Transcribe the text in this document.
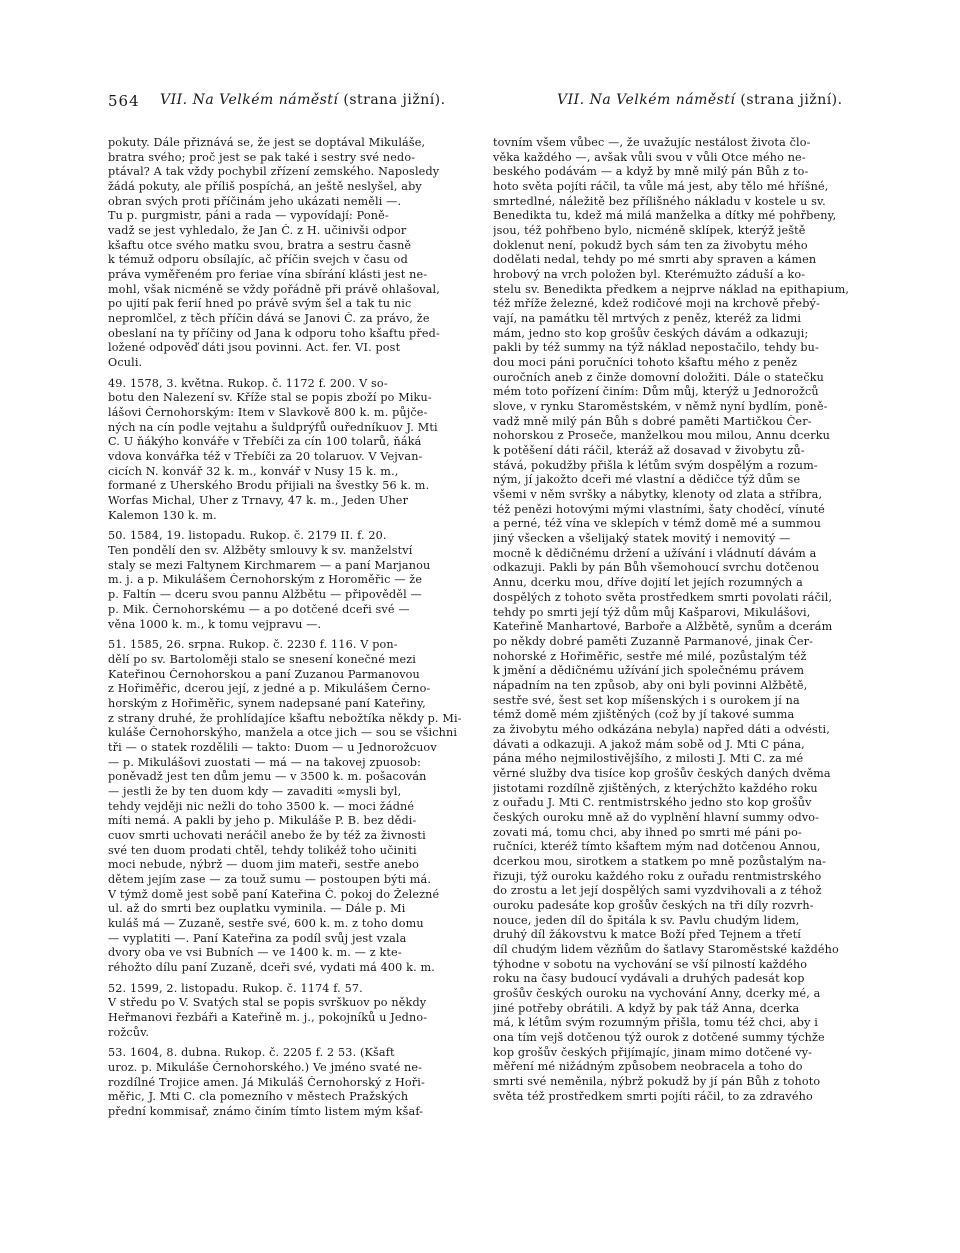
564 VII. Na Velkém náměstí (strana jižní).	VII. Na Velkém náměstí (strana jižní).
pokuty. Dále přiznává se, že jest se doptával Mikuláše,
bratra svého; proč jest se pak také i sestry své nedo-
ptával? A tak vždy pochybil zřízení zemského. Naposledy
žádá pokuty, ale příliš pospíchá, an ještě neslyšel, aby
obran svých proti příčinám jeho ukázati neměli —.
Tu p. purgmistr, páni a rada — vypovídají: Poně-
vadž se jest vyhledalo, že Jan Č. z H. učinivši odpor
kšaftu otce svého matku svou, bratra a sestru časně
k témuž odporu obsílajíc, ač příčin svejch v času od
práva vyměřeném pro feriae vína sbírání klásti jest ne-
mohl, však nicméně se vždy pořádně při právě ohlašoval,
po ujití pak ferií hned po právě svým šel a tak tu nic
nepromlčel, z těch příčin dává se Janovi Č. za právo, že
obeslaní na ty příčiny od Jana k odporu toho kšaftu před-
ložené odpověď dáti jsou povinni. Act. fer. VI. post
Oculi.
49. 1578, 3. května. Rukop. č. 1172 f. 200. V so-
botu den Nalezení sv. Kříže stal se popis zboží po Miku-
lášovi Černohorským: Item v Slavkově 800 k. m. půjče-
ných na cín podle vejtahu a šuldprýfů ouředníkuov J. Mti
C. U ňákýho konváře v Třebíči za cín 100 tolarů, ňáká
vdova konvářka též v Třebíči za 20 tolaruov. V Vejvan-
cicích N. konvář 32 k. m., konvář v Nusy 15 k. m.,
formané z Uherského Brodu přijiali na švestky 56 k. m.
Worfas Michal, Uher z Trnavy, 47 k. m., Jeden Uher
Kalemon 130 k. m.
50. 1584, 19. listopadu. Rukop. č. 2179 II. f. 20.
Ten pondělí den sv. Alžběty smlouvy k sv. manželství
staly se mezi Faltynem Kirchmarem — a paní Marjanou
m. j. a p. Mikulášem Černohorským z Horoměřic — že
p. Faltín — dceru svou pannu Alžbětu — připověděl —
p. Mik. Černohorskému — a po dotčené dceři své —
věna 1000 k. m., k tomu vejpravu —.
51. 1585, 26. srpna. Rukop. č. 2230 f. 116. V pon-
dělí po sv. Bartoloměji stalo se snesení konečné mezi
Kateřinou Černohorskou a paní Zuzanou Parmanovou
z Hořiměřic, dcerou její, z jedné a p. Mikulášem Černo-
horským z Hořiměřic, synem nadepsané paní Kateřiny,
z strany druhé, že prohlídajíce kšaftu nebožtíka někdy p. Mi-
kuláše Černohorskýho, manžela a otce jich — sou se všichni
tři — o statek rozdělili — takto: Duom — u Jednorožcuov
— p. Mikulášovi zuostati — má — na takovej zpuosob:
poněvadž jest ten dům jemu — v 3500 k. m. pošacován
— jestli že by ten duom kdy — zavaditi ∞mysli byl,
tehdy vejději nic nežli do toho 3500 k. — moci žádné
míti nemá. A pakli by jeho p. Mikuláše P. B. bez dědi-
cuov smrti uchovati neráčil anebo že by též za živnosti
své ten duom prodati chtěl, tehdy tolikéž toho učiniti
moci nebude, nýbrž — duom jim mateři, sestře anebo
dětem jejím zase — za touž sumu — postoupen býti má.
V týmž domě jest sobě paní Kateřina Č. pokoj do Železné
ul. až do smrti bez ouplatku vyminila. — Dále p. Mi
kuláš má — Zuzaně, sestře své, 600 k. m. z toho domu
— vyplatiti —. Paní Kateřina za podíl svůj jest vzala
dvory oba ve vsi Bubních — ve 1400 k. m. — z kte-
réhožto dílu paní Zuzaně, dceři své, vydati má 400 k. m.
52. 1599, 2. listopadu. Rukop. č. 1174 f. 57.
V středu po V. Svatých stal se popis svrškuov po někdy
Heřmanovi řezbáři a Kateřině m. j., pokojníků u Jedno-
rožcův.
53. 1604, 8. dubna. Rukop. č. 2205 f. 2 53. (Kšaft
uroz. p. Mikuláše Černohorského.) Ve jméno svaté ne-
rozdílné Trojice amen. Já Mikuláš Černohorský z Hoři-
měřic, J. Mti C. cla pomezního v městech Pražských
přední kommisař, známo činím tímto listem mým kšaf-
tovním všem vůbec —, že uvažujíc nestálost života člo-
věka každého —, avšak vůli svou v vůli Otce mého ne-
beského podávám — a když by mně milý pán Bůh z to-
hoto světa pojíti ráčil, ta vůle má jest, aby tělo mé hříšné,
smrtedlné, náležitě bez přílišného nákladu v kostele u sv.
Benedikta tu, kdež má milá manželka a dítky mé pohřbeny,
jsou, též pohřbeno bylo, nicméně sklípek, kterýž ještě
doklenut není, pokudž bych sám ten za živobytu mého
dodělati nedal, tehdy po mé smrti aby spraven a kámen
hrobový na vrch položen byl. Kterémužto záduší a ko-
stelu sv. Benedikta předkem a nejprve náklad na epithapium,
též mříže železné, kdež rodičové moji na krchově přebý-
vají, na památku těl mrtvých z peněz, kteréž za lidmi
mám, jedno sto kop grošův českých dávám a odkazuji;
pakli by též summy na týž náklad nepostačilo, tehdy bu-
dou moci páni poručníci tohoto kšaftu mého z peněz
ouročních aneb z činže domovní doložiti. Dále o statečku
mém toto pořízení činím: Dům můj, kterýž u Jednorožců
slove, v rynku Staroměstském, v němž nyní bydlím, poně-
vadž mně milý pán Bůh s dobré paměti Martičkou Čer-
nohorskou z Proseče, manželkou mou milou, Annu dcerku
k potěšení dáti ráčil, kteráž až dosavad v živobytu zů-
stává, pokudžby přišla k létům svým dospělým a rozum-
ným, jí jakožto dceři mé vlastní a dědičce týž dům se
všemi v něm svršky a nábytky, klenoty od zlata a stříbra,
též penězi hotovými mými vlastními, šaty choděcí, vínuté
a perné, též vína ve sklepích v témž domě mé a summou
jiný všecken a všelijaký statek movitý i nemovitý —
mocně k dědičnému držení a užívání i vládnutí dávám a
odkazuji. Pakli by pán Bůh všemohoucí svrchu dotčenou
Annu, dcerku mou, dříve dojití let jejích rozumných a
dospělých z tohoto světa prostředkem smrti povolati ráčil,
tehdy po smrti její týž dům můj Kašparovi, Mikulášovi,
Kateřině Manhartové, Barboře a Alžbětě, synům a dcerám
po někdy dobré paměti Zuzanně Parmanové, jinak Čer-
nohorské z Hořiměřic, sestře mé milé, pozůstalým též
k jmění a dědičnému užívání jich společnému právem
nápadním na ten způsob, aby oni byli povinni Alžbětě,
sestře své, šest set kop míšenských i s ourokem jí na
témž domě mém zjištěných (což by jí takové summa
za živobytu mého odkázána nebyla) napřed dáti a odvésti,
dávati a odkazuji. A jakož mám sobě od J. Mti C pána,
pána mého nejmilostivějšího, z milosti J. Mti C. za mé
věrné služby dva tisíce kop grošův českých daných dvěma
jistotami rozdílně zjištěných, z kterýchžto každého roku
z ouřadu J. Mti C. rentmistrského jedno sto kop grošův
českých ouroku mně až do vyplnění hlavní summy odvo-
zovati má, tomu chci, aby ihned po smrti mé páni po-
ručníci, kteréž tímto kšaftem mým nad dotčenou Annou,
dcerkou mou, sirotkem a statkem po mně pozůstalým na-
řizuji, týž ouroku každého roku z ouřadu rentmistrského
do zrostu a let její dospělých sami vyzdvihovali a z téhož
ouroku padesáte kop grošův českých na tři díly rozvrh-
nouce, jeden díl do špitála k sv. Pavlu chudým lidem,
druhý díl žákovstvu k matce Boží před Tejnem a třetí
díl chudým lidem vězňům do šatlavy Staroměstské každého
týhodne v sobotu na vychování se vší pilností každého
roku na časy budoucí vydávali a druhých padesát kop
grošův českých ouroku na vychování Anny, dcerky mé, a
jiné potřeby obrátili. A když by pak táž Anna, dcerka
má, k létům svým rozumným přišla, tomu též chci, aby i
ona tím vejš dotčenou týž ourok z dotčené summy týchže
kop grošův českých přijímajíc, jinam mimo dotčené vy-
měření mé nižádným způsobem neobracela a toho do
smrti své neměnila, nýbrž pokudž by jí pán Bůh z tohoto
světa též prostředkem smrti pojíti ráčil, to za zdravého
